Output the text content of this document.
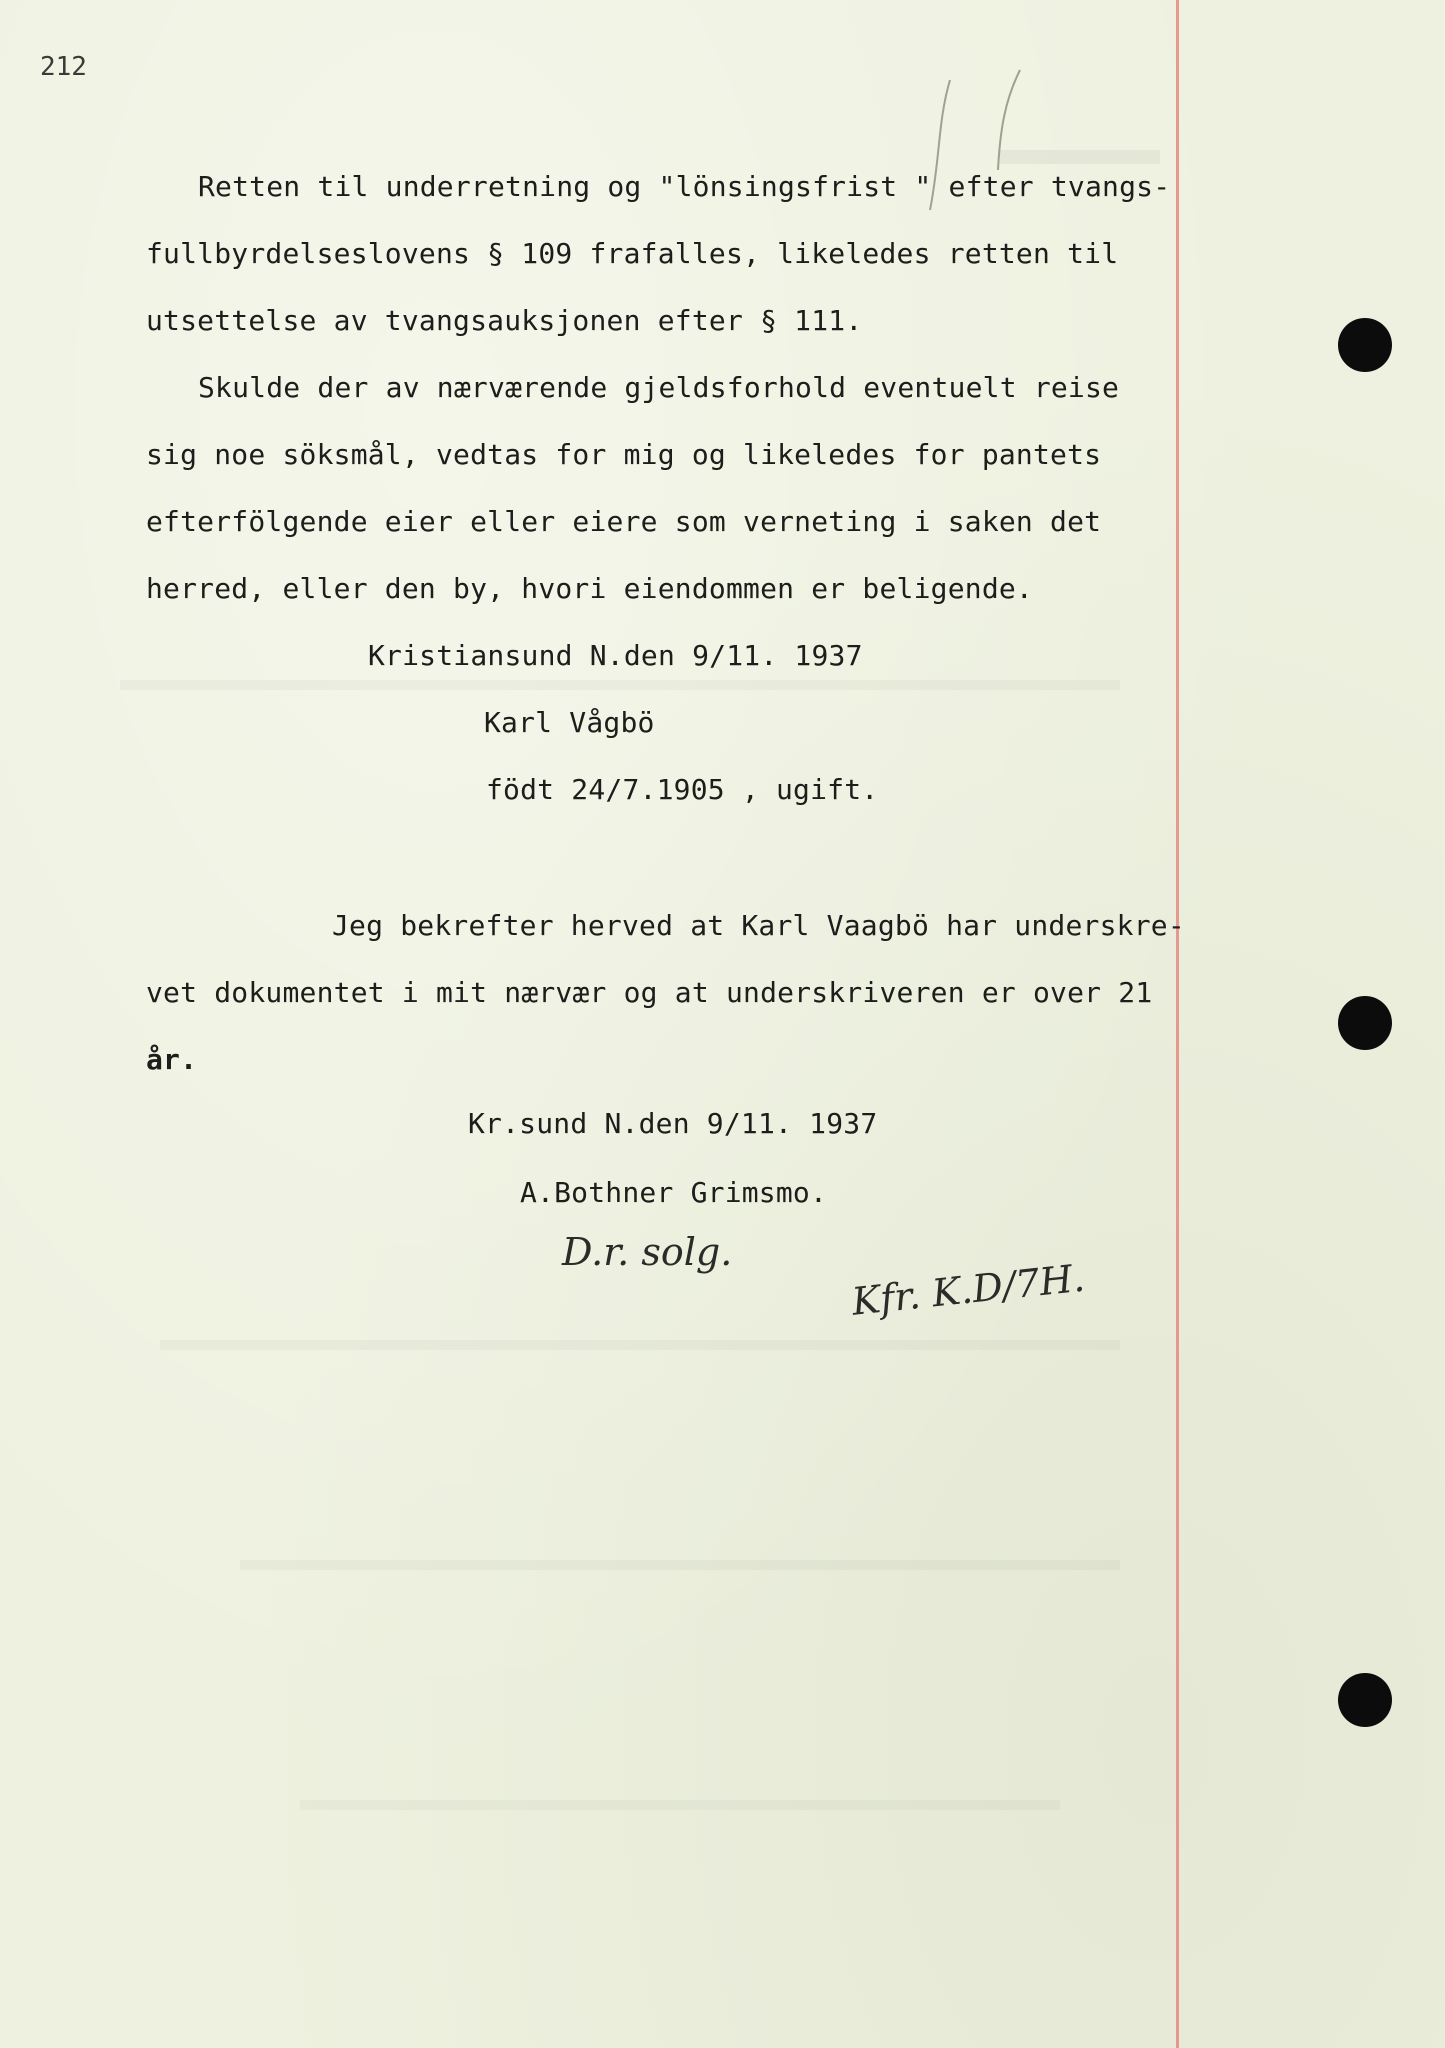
212
Retten til underretning og "lönsingsfrist " efter tvangs-
fullbyrdelseslovens § 109 frafalles, likeledes retten til
utsettelse av tvangsauksjonen efter § 111.
Skulde der av nærværende gjeldsforhold eventuelt reise
sig noe söksmål, vedtas for mig og likeledes for pantets
efterfölgende eier eller eiere som verneting i saken det
herred, eller den by, hvori eiendommen er beligende.
Kristiansund N.den 9/11. 1937
Karl Vågbö
födt 24/7.1905 , ugift.
Jeg bekrefter herved at Karl Vaagbö har underskre-
vet dokumentet i mit nærvær og at underskriveren er over 21
år.
Kr.sund N.den 9/11. 1937
A.Bothner Grimsmo.
D.r. solg.
Kfr. K.D/7H.
